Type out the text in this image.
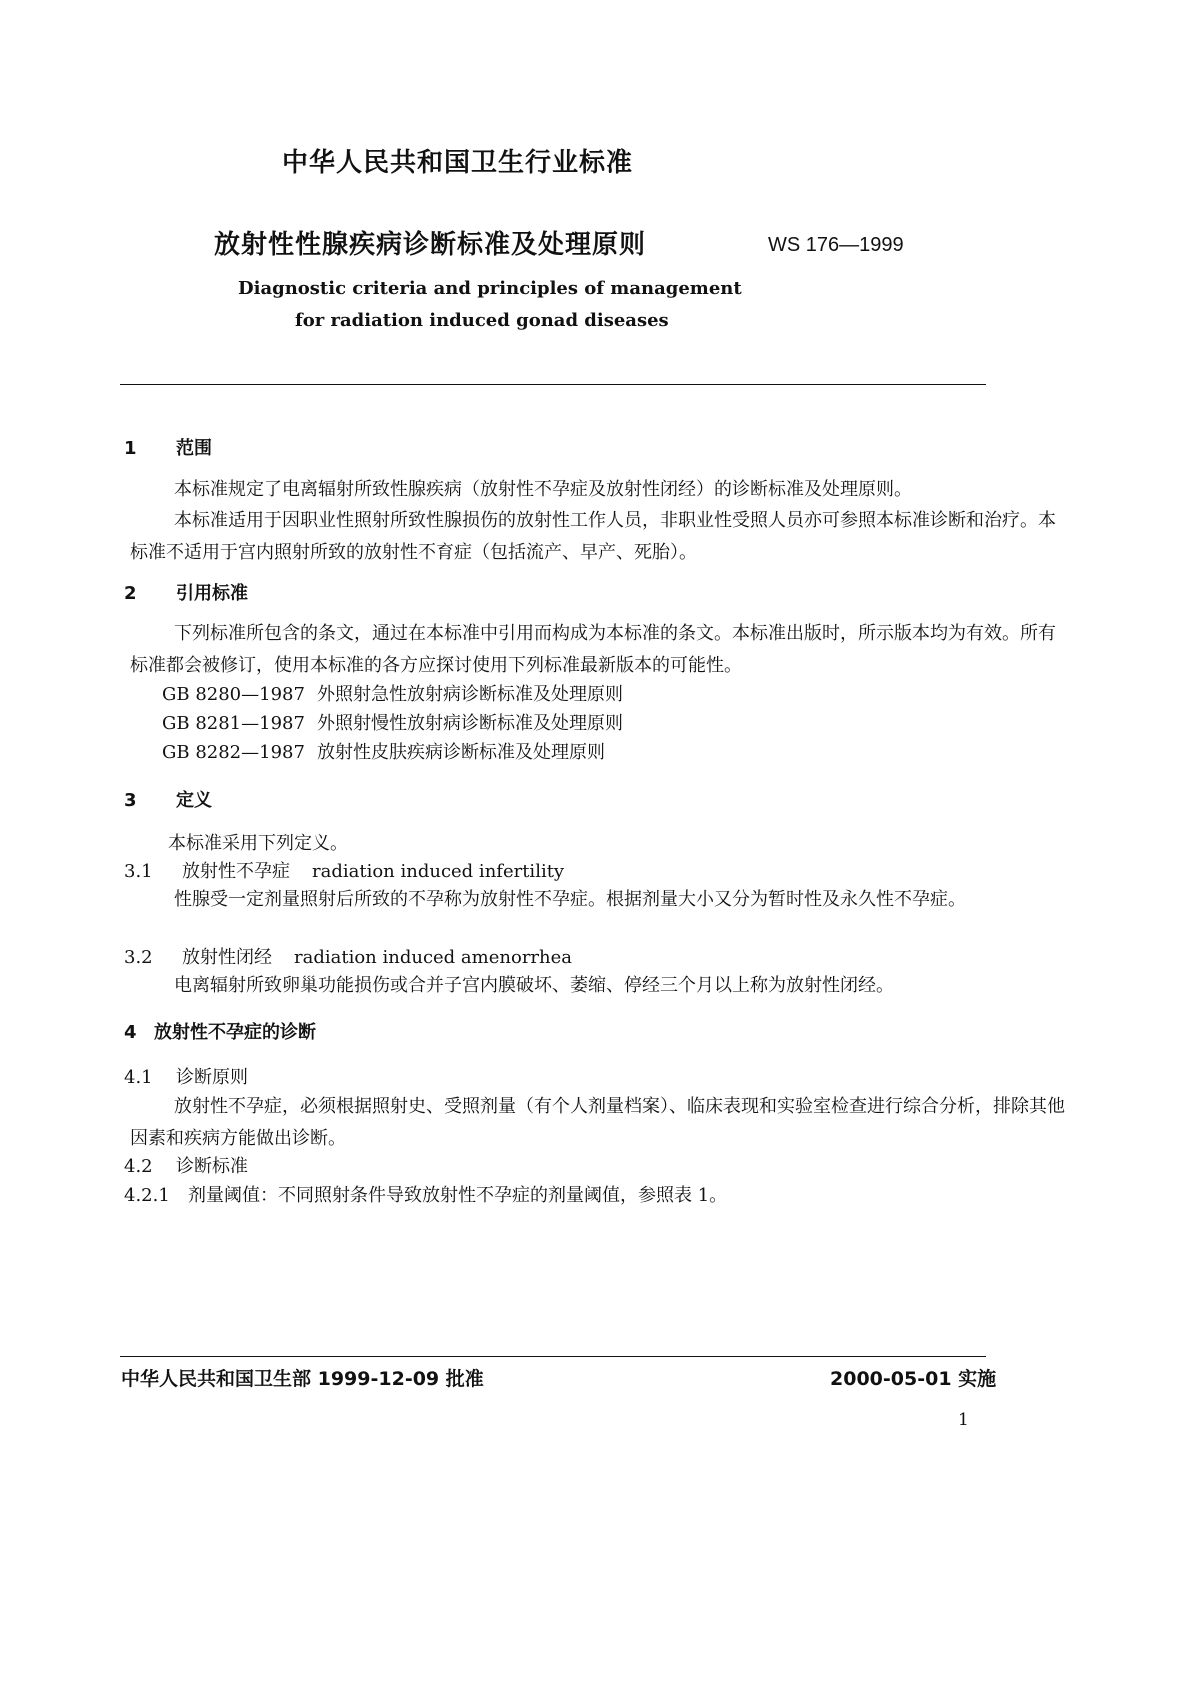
中华人民共和国卫生行业标准
放射性性腺疾病诊断标准及处理原则	WS 176—1999
Diagnostic criteria and principles of management
for radiation induced gonad diseases
1 范围
本标准规定了电离辐射所致性腺疾病（放射性不孕症及放射性闭经）的诊断标准及处理原则。
本标准适用于因职业性照射所致性腺损伤的放射性工作人员，非职业性受照人员亦可参照本标准诊断和治疗。本标准不适用于宫内照射所致的放射性不育症（包括流产、早产、死胎）。
2 引用标准
下列标准所包含的条文，通过在本标准中引用而构成为本标准的条文。本标准出版时，所示版本均为有效。所有标准都会被修订，使用本标准的各方应探讨使用下列标准最新版本的可能性。
GB 8280—1987 外照射急性放射病诊断标准及处理原则
GB 8281—1987 外照射慢性放射病诊断标准及处理原则
GB 8282—1987 放射性皮肤疾病诊断标准及处理原则
3 定义
本标准采用下列定义。
3.1 放射性不孕症 radiation induced infertility
性腺受一定剂量照射后所致的不孕称为放射性不孕症。根据剂量大小又分为暂时性及永久性不孕症。
3.2 放射性闭经 radiation induced amenorrhea
电离辐射所致卵巢功能损伤或合并子宫内膜破坏、萎缩、停经三个月以上称为放射性闭经。
4 放射性不孕症的诊断
4.1 诊断原则
放射性不孕症，必须根据照射史、受照剂量（有个人剂量档案）、临床表现和实验室检查进行综合分析，排除其他因素和疾病方能做出诊断。
4.2 诊断标准
4.2.1 剂量阈值：不同照射条件导致放射性不孕症的剂量阈值，参照表 1。
中华人民共和国卫生部 1999-12-09 批准	2000-05-01 实施
1
